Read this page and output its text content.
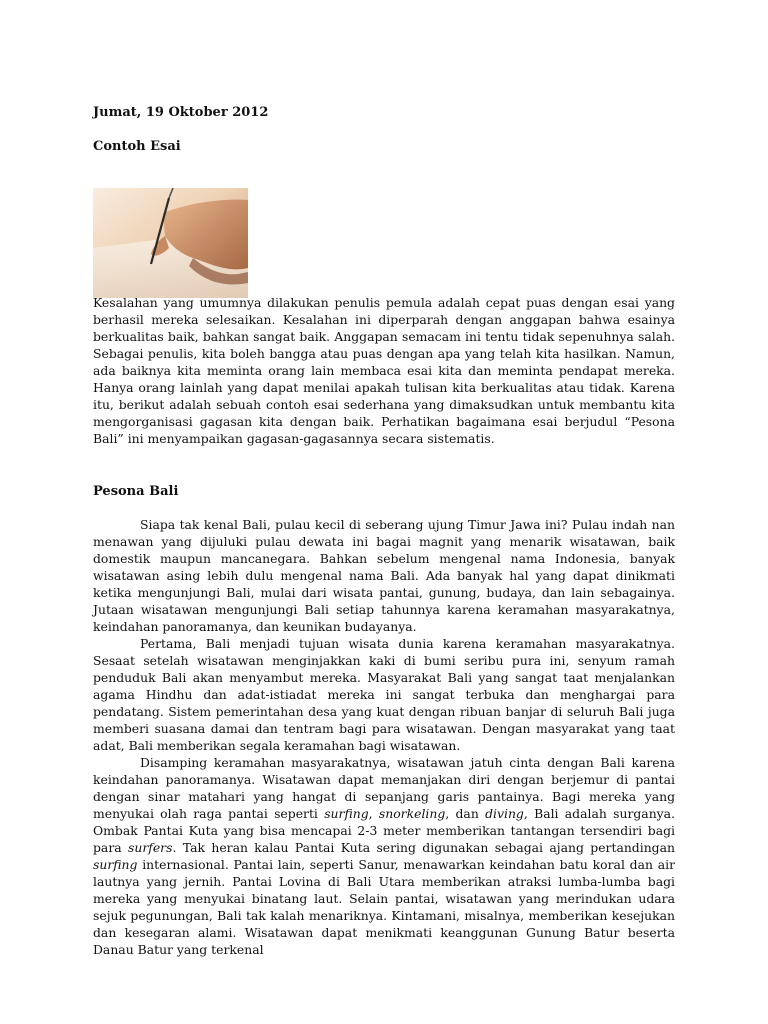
Jumat, 19 Oktober 2012
Contoh Esai

Kesalahan yang umumnya dilakukan penulis pemula adalah cepat puas dengan esai yang berhasil mereka selesaikan. Kesalahan ini diperparah dengan anggapan bahwa esainya berkualitas baik, bahkan sangat baik. Anggapan semacam ini tentu tidak sepenuhnya salah. Sebagai penulis, kita boleh bangga atau puas dengan apa yang telah kita hasilkan. Namun, ada baiknya kita meminta orang lain membaca esai kita dan meminta pendapat mereka. Hanya orang lainlah yang dapat menilai apakah tulisan kita berkualitas atau tidak. Karena itu, berikut adalah sebuah contoh esai sederhana yang dimaksudkan untuk membantu kita mengorganisasi gagasan kita dengan baik. Perhatikan bagaimana esai berjudul “Pesona Bali” ini menyampaikan gagasan-gagasannya secara sistematis.

Pesona Bali

Siapa tak kenal Bali, pulau kecil di seberang ujung Timur Jawa ini? Pulau indah nan menawan yang dijuluki pulau dewata ini bagai magnit yang menarik wisatawan, baik domestik maupun mancanegara. Bahkan sebelum mengenal nama Indonesia, banyak wisatawan asing lebih dulu mengenal nama Bali. Ada banyak hal yang dapat dinikmati ketika mengunjungi Bali, mulai dari wisata pantai, gunung, budaya, dan lain sebagainya. Jutaan wisatawan mengunjungi Bali setiap tahunnya karena keramahan masyarakatnya, keindahan panoramanya, dan keunikan budayanya.

Pertama, Bali menjadi tujuan wisata dunia karena keramahan masyarakatnya. Sesaat setelah wisatawan menginjakkan kaki di bumi seribu pura ini, senyum ramah penduduk Bali akan menyambut mereka. Masyarakat Bali yang sangat taat menjalankan agama Hindhu dan adat-istiadat mereka ini sangat terbuka dan menghargai para pendatang. Sistem pemerintahan desa yang kuat dengan ribuan banjar di seluruh Bali juga memberi suasana damai dan tentram bagi para wisatawan. Dengan masyarakat yang taat adat, Bali memberikan segala keramahan bagi wisatawan.

Disamping keramahan masyarakatnya, wisatawan jatuh cinta dengan Bali karena keindahan panoramanya. Wisatawan dapat memanjakan diri dengan berjemur di pantai dengan sinar matahari yang hangat di sepanjang garis pantainya. Bagi mereka yang menyukai olah raga pantai seperti surfing, snorkeling, dan diving, Bali adalah surganya. Ombak Pantai Kuta yang bisa mencapai 2-3 meter memberikan tantangan tersendiri bagi para surfers. Tak heran kalau Pantai Kuta sering digunakan sebagai ajang pertandingan surfing internasional. Pantai lain, seperti Sanur, menawarkan keindahan batu koral dan air lautnya yang jernih. Pantai Lovina di Bali Utara memberikan atraksi lumba-lumba bagi mereka yang menyukai binatang laut. Selain pantai, wisatawan yang merindukan udara sejuk pegunungan, Bali tak kalah menariknya. Kintamani, misalnya, memberikan kesejukan dan kesegaran alami. Wisatawan dapat menikmati keanggunan Gunung Batur beserta Danau Batur yang terkenal
